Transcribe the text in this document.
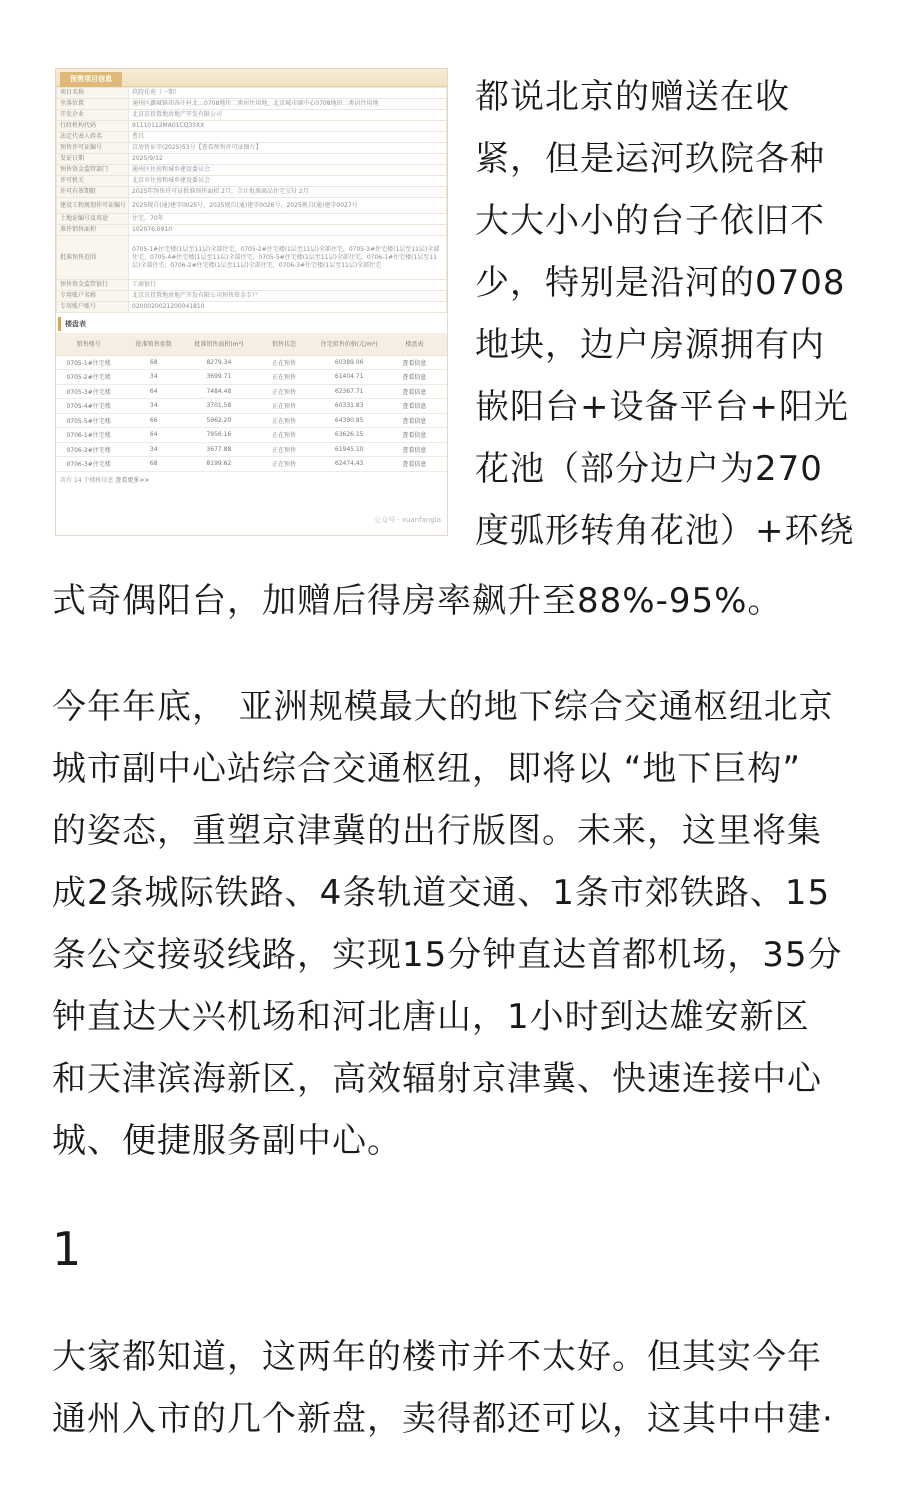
预售项目信息
项目名称	玖院佳苑（一期）
坐落位置	通州区潞城镇胡各庄村北…0708地块二类居住用地，北京城市副中心0708地块二类居住用地
开发企业	北京京投置地房地产开发有限公司
行政机构代码	91110112MA01CQ33XX
法定代表人姓名	曹昌
预售许可证编号	京房售证字(2025)53号【查看预售许可证图片】
发证日期	2025/9/12
预售资金监管部门	通州区住房和城乡建设委员会
许可机关	北京市住房和城乡建设委员会
许可有效期限	2025年预售许可证批准预售面积 2月，合计批准商品住宅交付 2月
建设工程规划许可证编号	2025规自(通)建字0025号，2025规自(通)建字0026号，2025规自(通)建字0027号
土地证编号及用途	住宅，70年
准许销售面积	102076.0910
批准预售范围	0705-1#住宅楼(1层至11层)全部住宅，0705-2#住宅楼(1层至11层)全部住宅，0705-3#住宅楼(1层至11层)全部住宅，0705-4#住宅楼(1层至11层)全部住宅，0705-5#住宅楼(1层至11层)全部住宅，0706-1#住宅楼(1层至11层)全部住宅，0706-2#住宅楼(1层至11层)全部住宅，0706-3#住宅楼(1层至11层)全部住宅
预售资金监管银行	工商银行
专用账户名称	北京京投置地房地产开发有限公司预售资金专户
专用账户账号	0200020021200041810
楼盘表
销售楼号	批准销售套数	批准销售面积(m²)	销售状态	住宅拟售价格(元/m²)	楼盘表
0705-1#住宅楼	68	8279.34	正在预售	60389.06	查看信息
0705-2#住宅楼	34	3699.71	正在预售	61404.71	查看信息
0705-3#住宅楼	64	7484.48	正在预售	62367.71	查看信息
0705-4#住宅楼	34	3701.58	正在预售	60331.83	查看信息
0705-5#住宅楼	66	5962.20	正在预售	64390.85	查看信息
0706-1#住宅楼	64	7956.16	正在预售	63626.15	查看信息
0706-2#住宅楼	34	3677.88	正在预售	61945.10	查看信息
0706-3#住宅楼	68	8199.62	正在预售	62474.43	查看信息
共有 14 个楼栋信息 查看更多>>
公众号 · xuanfangla
都说北京的赠送在收
紧，但是运河玖院各种
大大小小的台子依旧不
少，特别是沿河的0708
地块，边户房源拥有内
嵌阳台+设备平台+阳光
花池（部分边户为270
度弧形转角花池）+环绕
式奇偶阳台，加赠后得房率飙升至88%-95%。
今年年底， 亚洲规模最大的地下综合交通枢纽北京
城市副中心站综合交通枢纽，即将以 “地下巨构”
的姿态，重塑京津冀的出行版图。未来，这里将集
成2条城际铁路、4条轨道交通、1条市郊铁路、15
条公交接驳线路，实现15分钟直达首都机场，35分
钟直达大兴机场和河北唐山，1小时到达雄安新区
和天津滨海新区，高效辐射京津冀、快速连接中心
城、便捷服务副中心。
1
大家都知道，这两年的楼市并不太好。但其实今年
通州入市的几个新盘，卖得都还可以，这其中中建·
